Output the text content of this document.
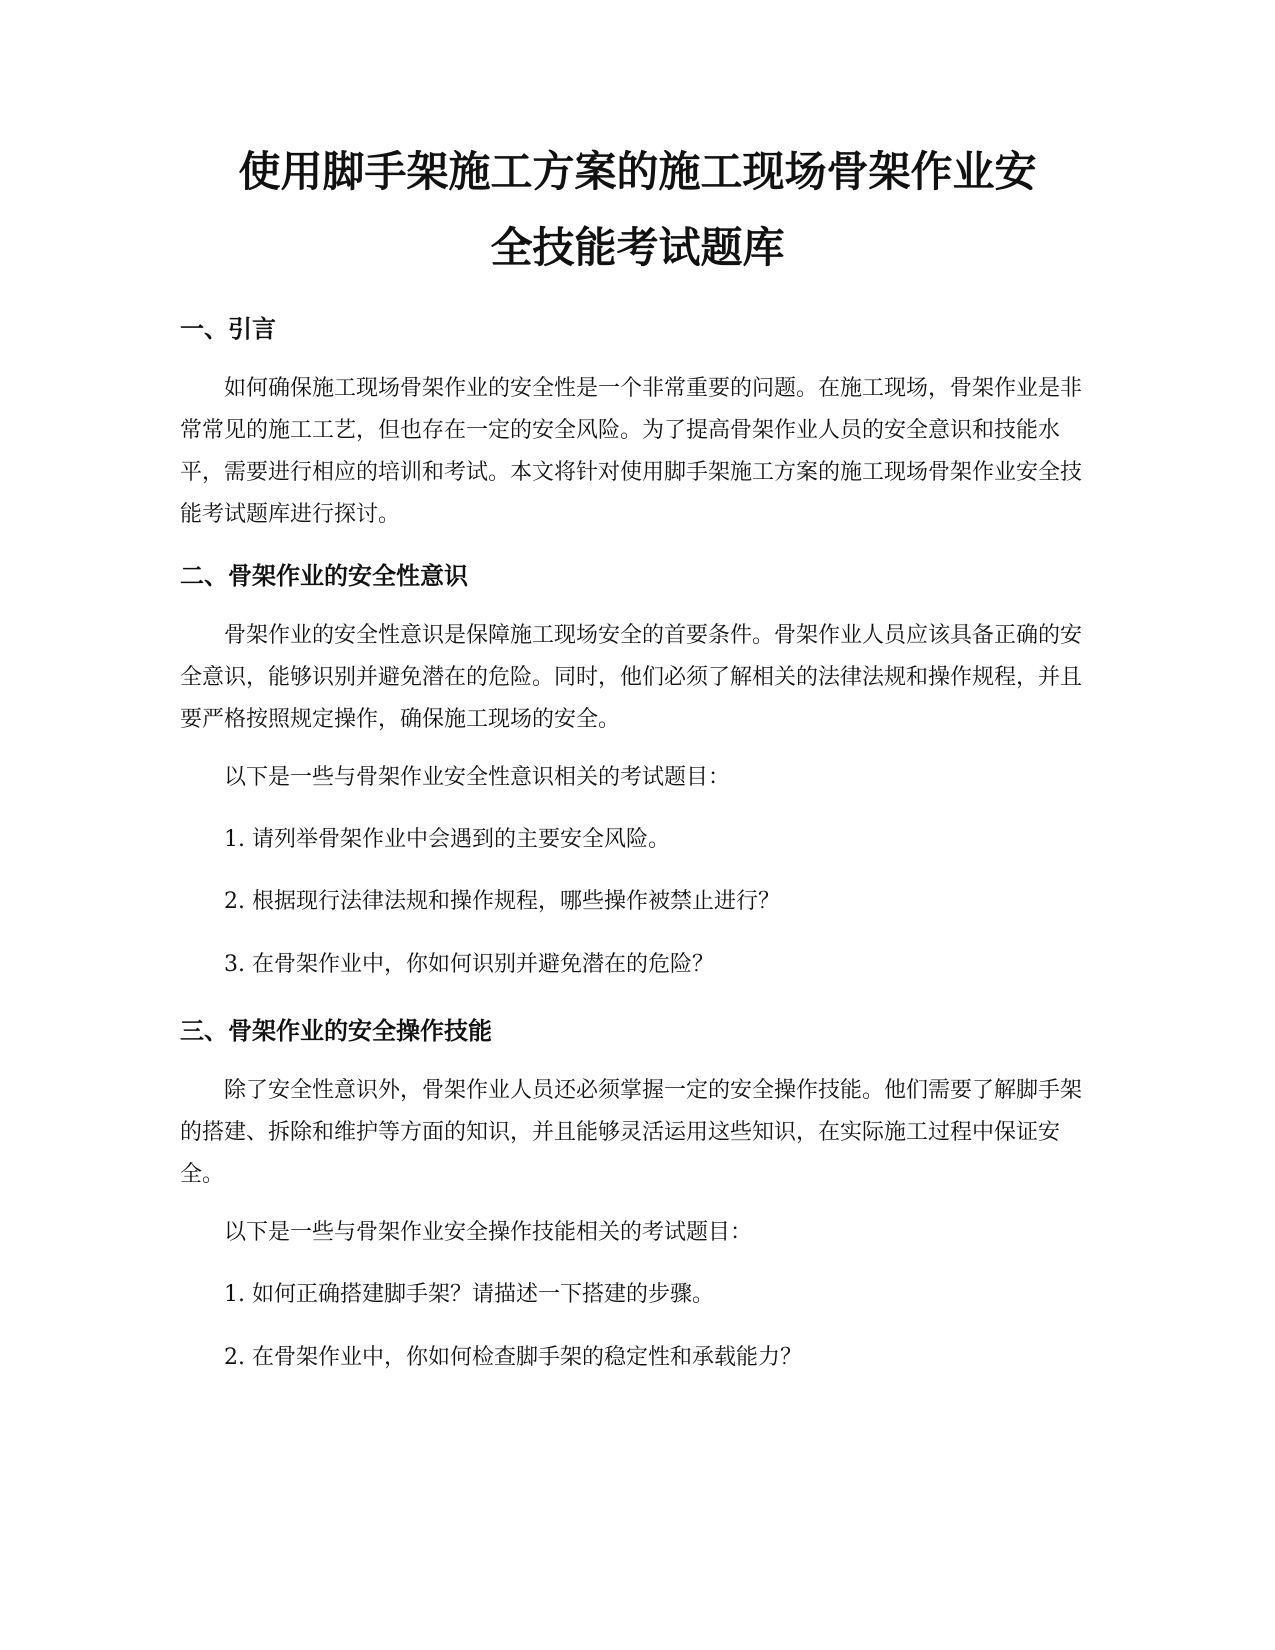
使用脚手架施工方案的施工现场骨架作业安
全技能考试题库
一、引言

如何确保施工现场骨架作业的安全性是一个非常重要的问题。在施工现场，骨架作业是非常常见的施工工艺，但也存在一定的安全风险。为了提高骨架作业人员的安全意识和技能水平，需要进行相应的培训和考试。本文将针对使用脚手架施工方案的施工现场骨架作业安全技能考试题库进行探讨。

二、骨架作业的安全性意识

骨架作业的安全性意识是保障施工现场安全的首要条件。骨架作业人员应该具备正确的安全意识，能够识别并避免潜在的危险。同时，他们必须了解相关的法律法规和操作规程，并且要严格按照规定操作，确保施工现场的安全。

以下是一些与骨架作业安全性意识相关的考试题目：

1. 请列举骨架作业中会遇到的主要安全风险。

2. 根据现行法律法规和操作规程，哪些操作被禁止进行？

3. 在骨架作业中，你如何识别并避免潜在的危险？

三、骨架作业的安全操作技能

除了安全性意识外，骨架作业人员还必须掌握一定的安全操作技能。他们需要了解脚手架的搭建、拆除和维护等方面的知识，并且能够灵活运用这些知识，在实际施工过程中保证安全。

以下是一些与骨架作业安全操作技能相关的考试题目：

1. 如何正确搭建脚手架？请描述一下搭建的步骤。

2. 在骨架作业中，你如何检查脚手架的稳定性和承载能力？
